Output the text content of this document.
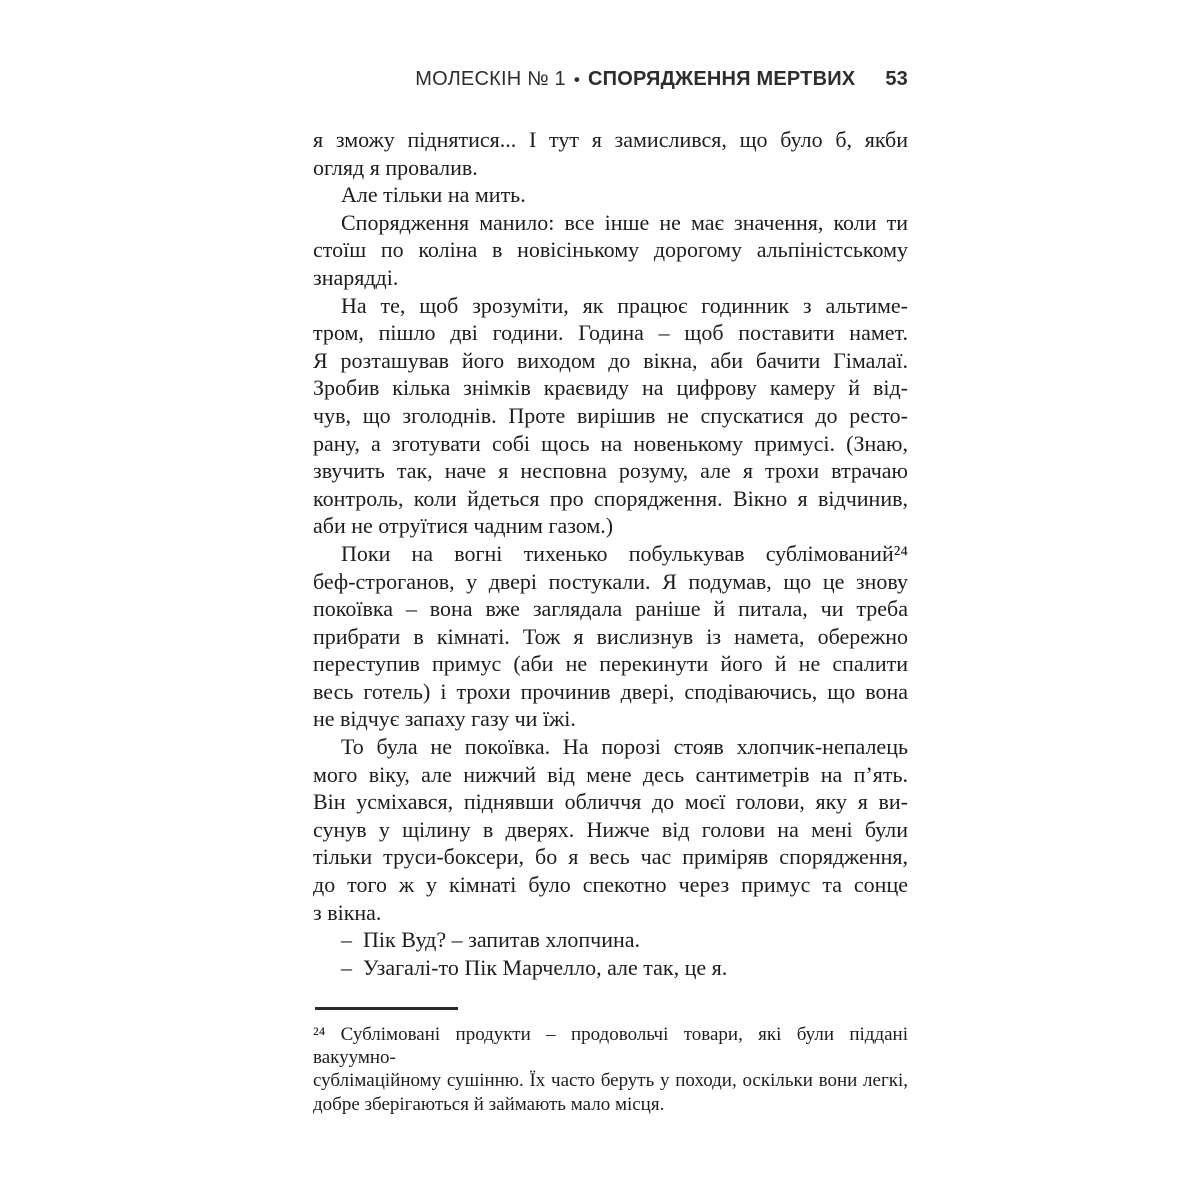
МОЛЕСКІН № 1 • СПОРЯДЖЕННЯ МЕРТВИХ 53
я зможу піднятися... І тут я замислився, що було б, якби
огляд я провалив.
Але тільки на мить.
Спорядження манило: все інше не має значення, коли ти
стоїш по коліна в новісінькому дорогому альпіністському
знарядді.
На те, щоб зрозуміти, як працює годинник з альтиме-
тром, пішло дві години. Година – щоб поставити намет.
Я розташував його виходом до вікна, аби бачити Гімалаї.
Зробив кілька знімків краєвиду на цифрову камеру й від-
чув, що зголоднів. Проте вирішив не спускатися до ресто-
рану, а зготувати собі щось на новенькому примусі. (Знаю,
звучить так, наче я несповна розуму, але я трохи втрачаю
контроль, коли йдеться про спорядження. Вікно я відчинив,
аби не отруїтися чадним газом.)
Поки на вогні тихенько побулькував сублімований²⁴
беф-строганов, у двері постукали. Я подумав, що це знову
покоївка – вона вже заглядала раніше й питала, чи треба
прибрати в кімнаті. Тож я вислизнув із намета, обережно
переступив примус (аби не перекинути його й не спалити
весь готель) і трохи прочинив двері, сподіваючись, що вона
не відчує запаху газу чи їжі.
То була не покоївка. На порозі стояв хлопчик-непалець
мого віку, але нижчий від мене десь сантиметрів на п’ять.
Він усміхався, піднявши обличчя до моєї голови, яку я ви-
сунув у щілину в дверях. Нижче від голови на мені були
тільки труси-боксери, бо я весь час приміряв спорядження,
до того ж у кімнаті було спекотно через примус та сонце
з вікна.
– Пік Вуд? – запитав хлопчина.
– Узагалі-то Пік Марчелло, але так, це я.
²⁴ Сублімовані продукти – продовольчі товари, які були піддані вакуумно-
сублімаційному сушінню. Їх часто беруть у походи, оскільки вони легкі,
добре зберігаються й займають мало місця.
